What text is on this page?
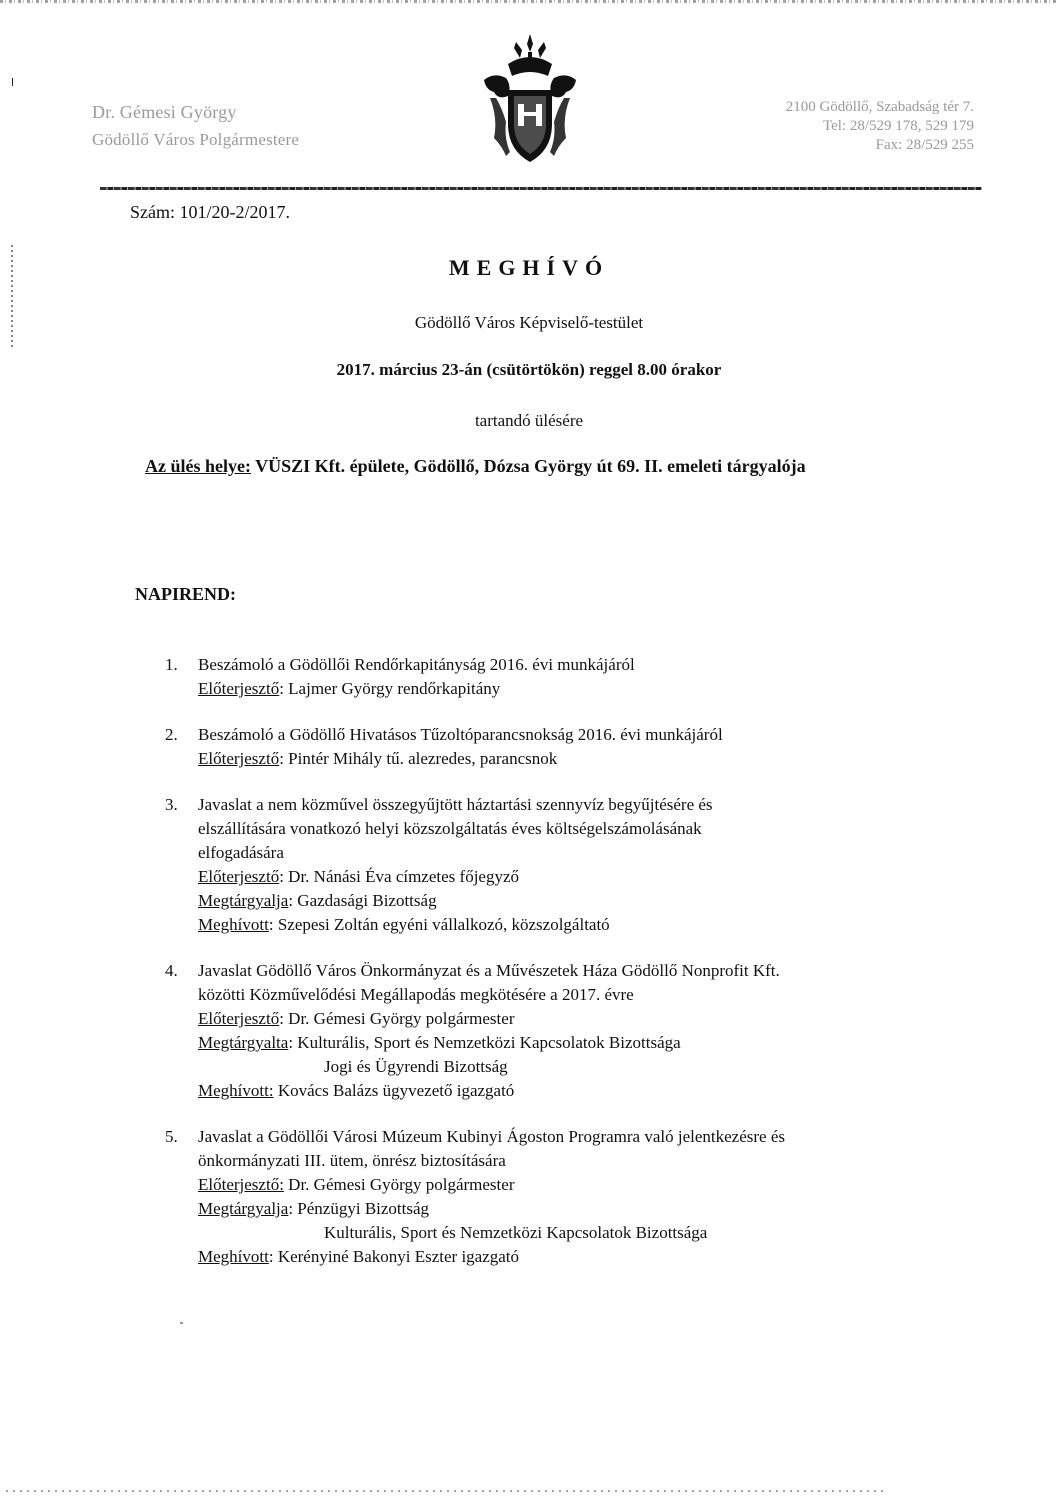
Dr. Gémesi György
Gödöllő Város Polgármestere
2100 Gödöllő, Szabadság tér 7.
Tel: 28/529 178, 529 179
Fax: 28/529 255
Szám: 101/20-2/2017.
MEGHÍVÓ
Gödöllő Város Képviselő-testület
2017. március 23-án (csütörtökön) reggel 8.00 órakor
tartandó ülésére
Az ülés helye: VÜSZI Kft. épülete, Gödöllő, Dózsa György út 69. II. emeleti tárgyalója
NAPIREND:
1. Beszámoló a Gödöllői Rendőrkapitányság 2016. évi munkájáról
Előterjesztő: Lajmer György rendőrkapitány
2. Beszámoló a Gödöllő Hivatásos Tűzoltóparancsnokság 2016. évi munkájáról
Előterjesztő: Pintér Mihály tű. alezredes, parancsnok
3. Javaslat a nem közművel összegyűjtött háztartási szennyvíz begyűjtésére és
elszállítására vonatkozó helyi közszolgáltatás éves költségelszámolásának
elfogadására
Előterjesztő: Dr. Nánási Éva címzetes főjegyző
Megtárgyalja: Gazdasági Bizottság
Meghívott: Szepesi Zoltán egyéni vállalkozó, közszolgáltató
4. Javaslat Gödöllő Város Önkormányzat és a Művészetek Háza Gödöllő Nonprofit Kft.
közötti Közművelődési Megállapodás megkötésére a 2017. évre
Előterjesztő: Dr. Gémesi György polgármester
Megtárgyalta: Kulturális, Sport és Nemzetközi Kapcsolatok Bizottsága
Jogi és Ügyrendi Bizottság
Meghívott: Kovács Balázs ügyvezető igazgató
5. Javaslat a Gödöllői Városi Múzeum Kubinyi Ágoston Programra való jelentkezésre és
önkormányzati III. ütem, önrész biztosítására
Előterjesztő: Dr. Gémesi György polgármester
Megtárgyalja: Pénzügyi Bizottság
Kulturális, Sport és Nemzetközi Kapcsolatok Bizottsága
Meghívott: Kerényiné Bakonyi Eszter igazgató
